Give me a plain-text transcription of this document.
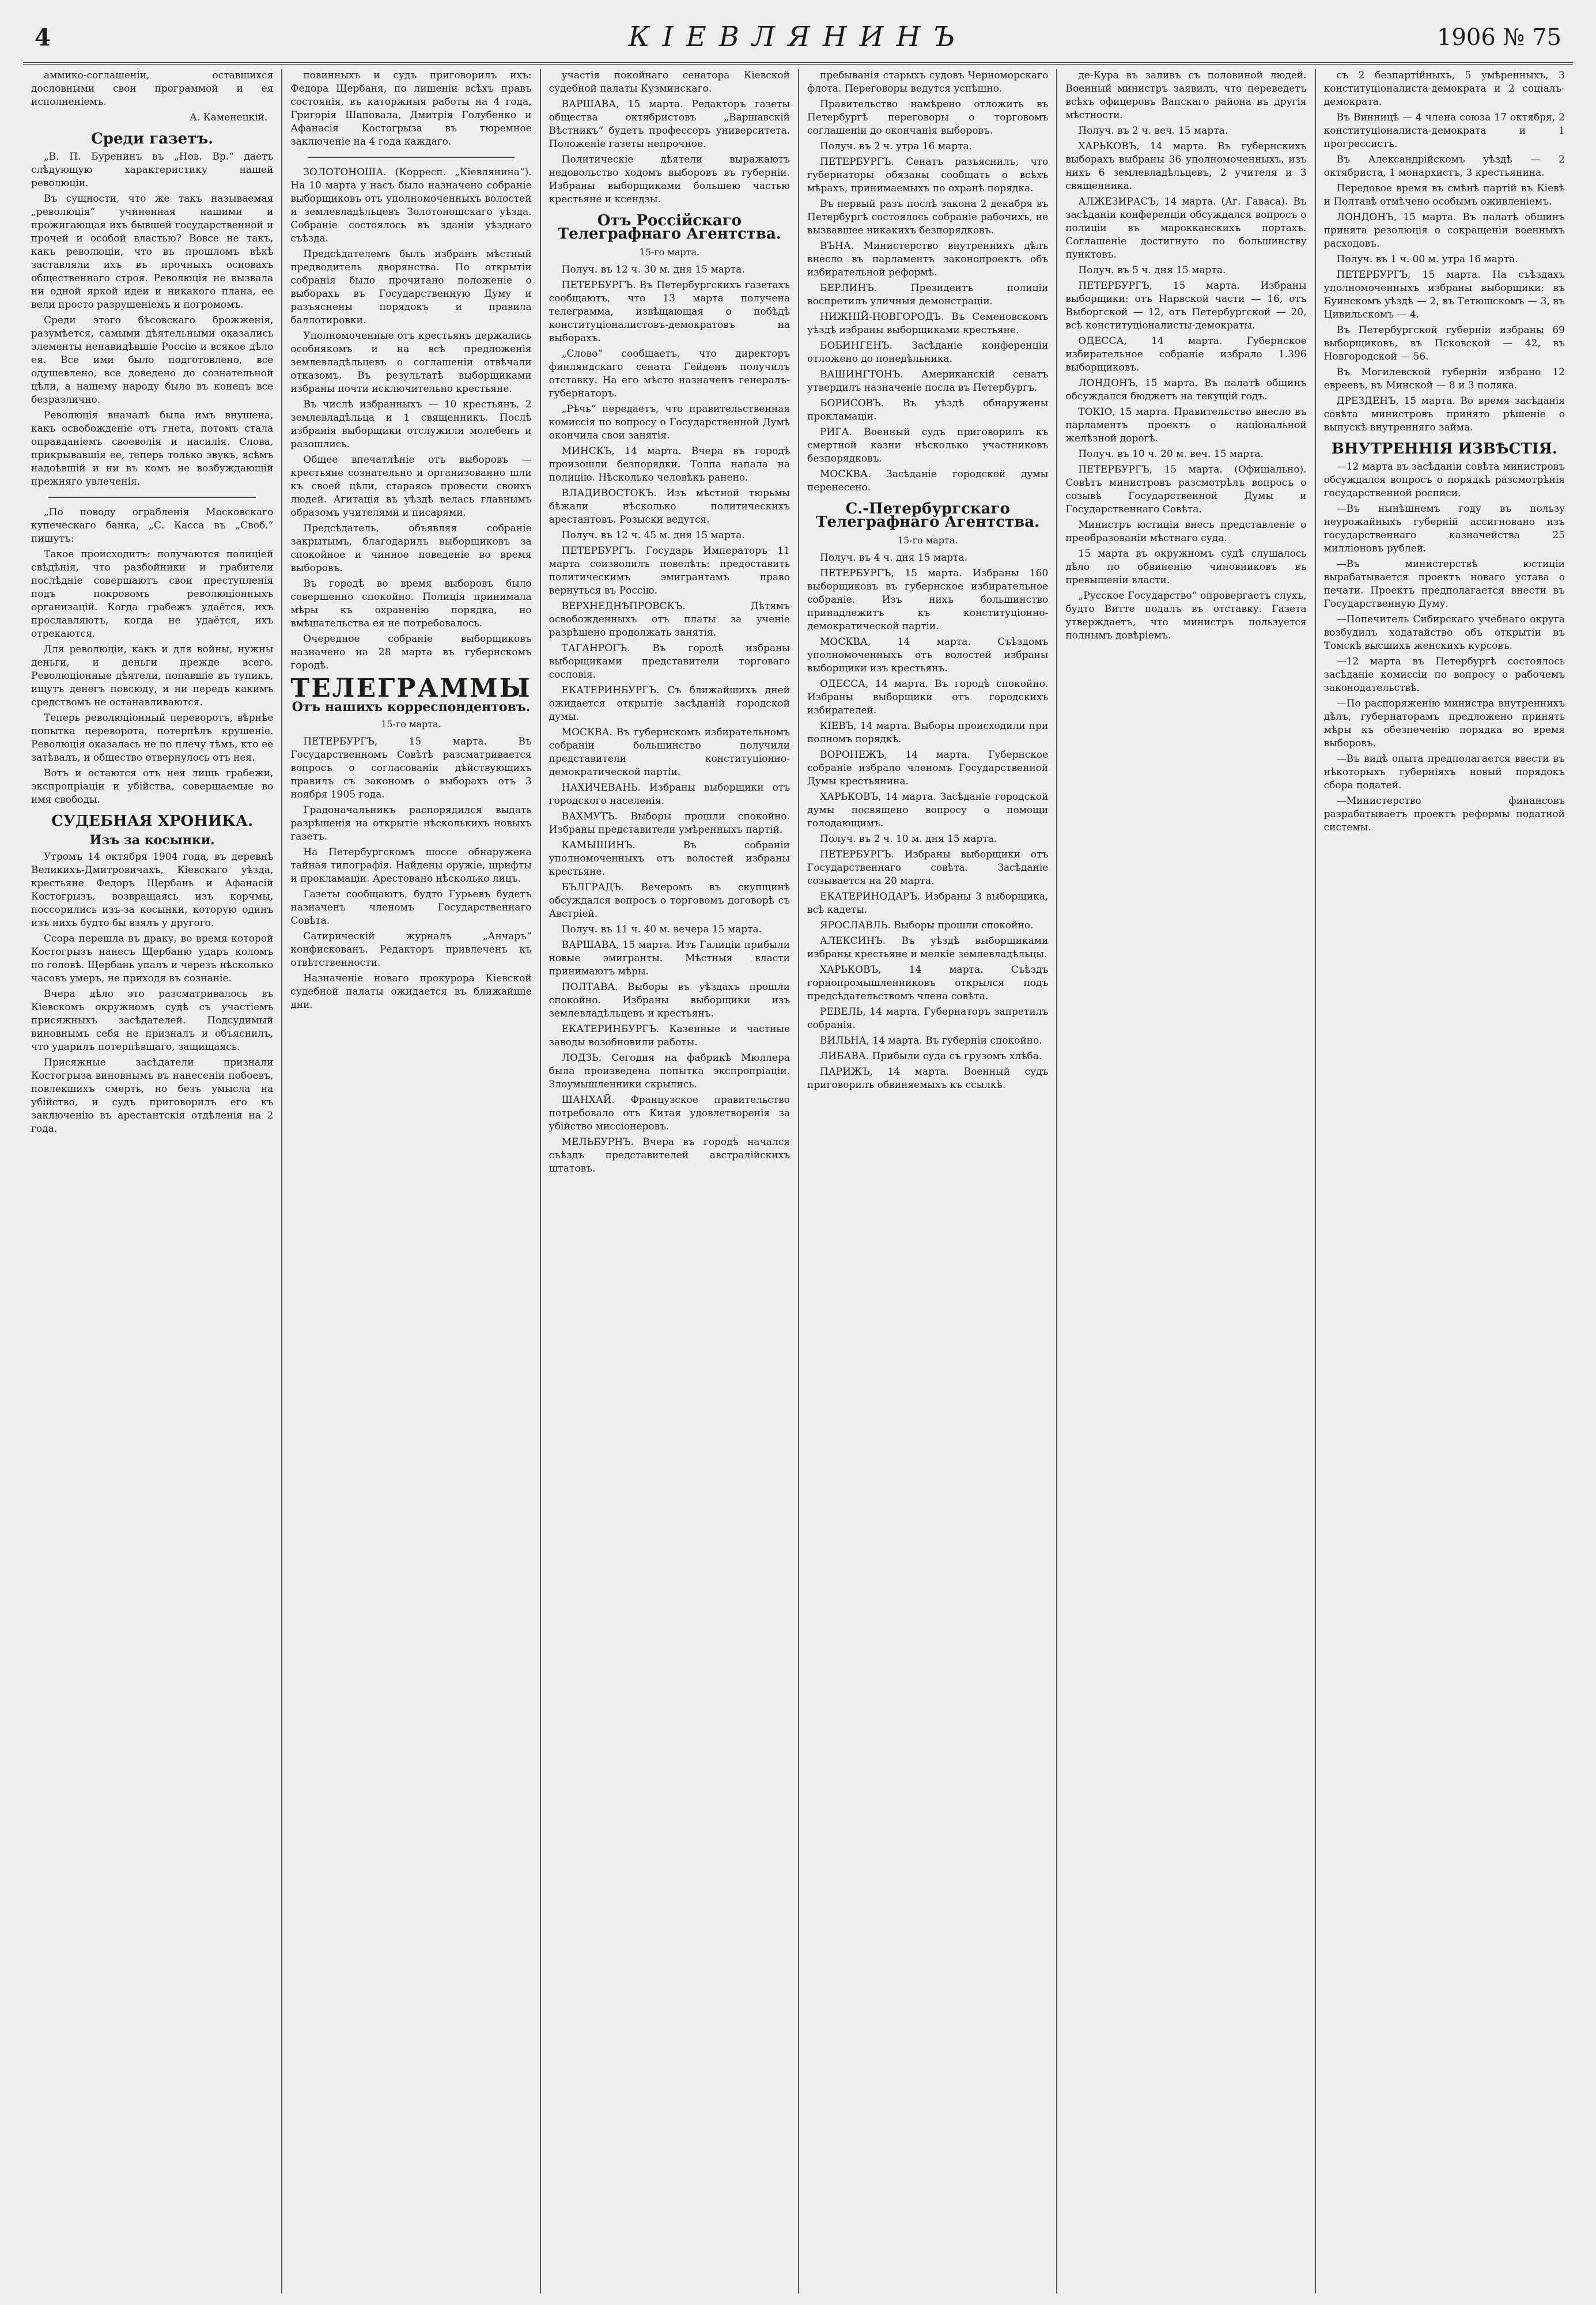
4	КІЕВЛЯНИНЪ	1906 № 75

аммико-соглашеніи, оставшихся дословными свои программой и ея исполненіемъ.

А. Каменецкій.
Среди газетъ.

„В. П. Буренинъ въ „Нов. Вр.“ даетъ слѣдующую характеристику нашей революціи.

Въ сущности, что же такъ называемая „революція“ учиненная нашими и прожигающая ихъ бывшей государственной и прочей и особой властью? Вовсе не такъ, какъ революціи, что въ прошломъ вѣкѣ заставляли ихъ въ прочныхъ основахъ общественнаго строя. Революція не вызвала ни одной яркой идеи и никакого плана, ее вели просто разрушеніемъ и погромомъ.

Среди этого бѣсовскаго брожженія, разумѣется, самыми дѣятельными оказались элементы ненавидѣвшіе Россію и всякое дѣло ея. Все ими было подготовлено, все одушевлено, все доведено до сознательной цѣли, а нашему народу было въ конецъ все безразлично.

Революція вначалѣ была имъ внушена, какъ освобожденіе отъ гнета, потомъ стала оправданіемъ своеволія и насилія. Слова, прикрывавшія ее, теперь только звукъ, всѣмъ надоѣвшій и ни въ комъ не возбуждающій прежняго увлеченія.

„По поводу ограбленія Московскаго купеческаго банка, „С. Касса въ „Своб.“ пишутъ:

Такое происходитъ: получаются полиціей свѣдѣнія, что разбойники и грабители послѣдніе совершаютъ свои преступленія подъ покровомъ революціонныхъ организацій. Когда грабежъ удаётся, ихъ прославляютъ, когда не удаётся, ихъ отрекаются.

Для революціи, какъ и для войны, нужны деньги, и деньги прежде всего. Революціонные дѣятели, попавшіе въ тупикъ, ищутъ денегъ повсюду, и ни передъ какимъ средствомъ не останавливаются.

Теперь революціонный переворотъ, вѣрнѣе попытка переворота, потерпѣлъ крушеніе. Революція оказалась не по плечу тѣмъ, кто ее затѣвалъ, и общество отвернулось отъ нея.

Вотъ и остаются отъ нея лишь грабежи, экспропріаціи и убійства, совершаемые во имя свободы.

СУДЕБНАЯ ХРОНИКА.
Изъ за косынки.

Утромъ 14 октября 1904 года, въ деревнѣ Великихъ-Дмитровичахъ, Кіевскаго уѣзда, крестьяне Федоръ Щербань и Афанасій Костогрызъ, возвращаясь изъ корчмы, поссорились изъ-за косынки, которую одинъ изъ нихъ будто бы взялъ у другого.

Ссора перешла въ драку, во время которой Костогрызъ нанесъ Щербаню ударъ коломъ по головѣ. Щербань упалъ и черезъ нѣсколько часовъ умеръ, не приходя въ сознаніе.

Вчера дѣло это разсматривалось въ Кіевскомъ окружномъ судѣ съ участіемъ присяжныхъ засѣдателей. Подсудимый виновнымъ себя не призналъ и объяснилъ, что ударилъ потерпѣвшаго, защищаясь.

Присяжные засѣдатели признали Костогрыза виновнымъ въ нанесеніи побоевъ, повлекшихъ смерть, но безъ умысла на убійство, и судъ приговорилъ его къ заключенію въ арестантскія отдѣленія на 2 года.

повинныхъ и судъ приговорилъ ихъ: Федора Щербаня, по лишеніи всѣхъ правъ состоянія, въ каторжныя работы на 4 года, Григорія Шаповала, Дмитрія Голубенко и Афанасія Костогрыза въ тюремное заключеніе на 4 года каждаго.

ЗОЛОТОНОША. (Корресп. „Кіевлянина“). На 10 марта у насъ было назначено собраніе выборщиковъ отъ уполномоченныхъ волостей и землевладѣльцевъ Золотоношскаго уѣзда. Собраніе состоялось въ зданіи уѣзднаго съѣзда.

Предсѣдателемъ былъ избранъ мѣстный предводитель дворянства. По открытіи собранія было прочитано положеніе о выборахъ въ Государственную Думу и разъяснены порядокъ и правила баллотировки.

Уполномоченные отъ крестьянъ держались особнякомъ и на всѣ предложенія землевладѣльцевъ о соглашеніи отвѣчали отказомъ. Въ результатѣ выборщиками избраны почти исключительно крестьяне.

Въ числѣ избранныхъ — 10 крестьянъ, 2 землевладѣльца и 1 священникъ. Послѣ избранія выборщики отслужили молебенъ и разошлись.

Общее впечатлѣніе отъ выборовъ — крестьяне сознательно и организованно шли къ своей цѣли, стараясь провести своихъ людей. Агитація въ уѣздѣ велась главнымъ образомъ учителями и писарями.

Предсѣдатель, объявляя собраніе закрытымъ, благодарилъ выборщиковъ за спокойное и чинное поведеніе во время выборовъ.

Въ городѣ во время выборовъ было совершенно спокойно. Полиція принимала мѣры къ охраненію порядка, но вмѣшательства ея не потребовалось.

Очередное собраніе выборщиковъ назначено на 28 марта въ губернскомъ городѣ.

ТЕЛЕГРАММЫ
Отъ нашихъ корреспондентовъ.
15-го марта.

ПЕТЕРБУРГЪ, 15 марта. Въ Государственномъ Совѣтѣ разсматривается вопросъ о согласованіи дѣйствующихъ правилъ съ закономъ о выборахъ отъ 3 ноября 1905 года.

Градоначальникъ распорядился выдать разрѣшенія на открытіе нѣсколькихъ новыхъ газетъ.

На Петербургскомъ шоссе обнаружена тайная типографія. Найдены оружіе, шрифты и прокламаціи. Арестовано нѣсколько лицъ.

Газеты сообщаютъ, будто Гурьевъ будетъ назначенъ членомъ Государственнаго Совѣта.

Сатирическій журналъ „Анчаръ“ конфискованъ. Редакторъ привлеченъ къ отвѣтственности.

Назначеніе новаго прокурора Кіевской судебной палаты ожидается въ ближайшіе дни.

участія покойнаго сенатора Кіевской судебной палаты Кузминскаго.

ВАРШАВА, 15 марта. Редакторъ газеты общества октябристовъ „Варшавскій Вѣстникъ“ будетъ профессоръ университета. Положеніе газеты непрочное.

Политическіе дѣятели выражаютъ недовольство ходомъ выборовъ въ губерніи. Избраны выборщиками большею частью крестьяне и ксендзы.

Отъ Россійскаго Телеграфнаго Агентства.
15-го марта.

Получ. въ 12 ч. 30 м. дня 15 марта.

ПЕТЕРБУРГЪ. Въ Петербургскихъ газетахъ сообщаютъ, что 13 марта получена телеграмма, извѣщающая о побѣдѣ конституціоналистовъ-демократовъ на выборахъ.

„Слово“ сообщаетъ, что директоръ финляндскаго сената Гейденъ получилъ отставку. На его мѣсто назначенъ генералъ-губернаторъ.

„Рѣчь“ передаетъ, что правительственная комиссія по вопросу о Государственной Думѣ окончила свои занятія.

МИНСКЪ, 14 марта. Вчера въ городѣ произошли безпорядки. Толпа напала на полицію. Нѣсколько человѣкъ ранено.

ВЛАДИВОСТОКЪ. Изъ мѣстной тюрьмы бѣжали нѣсколько политическихъ арестантовъ. Розыски ведутся.

Получ. въ 12 ч. 45 м. дня 15 марта.

ПЕТЕРБУРГЪ. Государь Императоръ 11 марта соизволилъ повелѣть: предоставить политическимъ эмигрантамъ право вернуться въ Россію.

ВЕРХНЕДНѢПРОВСКЪ. Дѣтямъ освобожденныхъ отъ платы за ученіе разрѣшено продолжать занятія.

ТАГАНРОГЪ. Въ городѣ избраны выборщиками представители торговаго сословія.

ЕКАТЕРИНБУРГЪ. Съ ближайшихъ дней ожидается открытіе засѣданій городской думы.

МОСКВА. Въ губернскомъ избирательномъ собраніи большинство получили представители конституціонно-демократической партіи.

НАХИЧЕВАНЬ. Избраны выборщики отъ городского населенія.

ВАХМУТЪ. Выборы прошли спокойно. Избраны представители умѣренныхъ партій.

КАМЫШИНЪ. Въ собраніи уполномоченныхъ отъ волостей избраны крестьяне.

БЪЛГРАДЪ. Вечеромъ въ скупщинѣ обсуждался вопросъ о торговомъ договорѣ съ Австріей.

Получ. въ 11 ч. 40 м. вечера 15 марта.

ВАРШАВА, 15 марта. Изъ Галиціи прибыли новые эмигранты. Мѣстныя власти принимаютъ мѣры.

ПОЛТАВА. Выборы въ уѣздахъ прошли спокойно. Избраны выборщики изъ землевладѣльцевъ и крестьянъ.

ЕКАТЕРИНБУРГЪ. Казенные и частные заводы возобновили работы.

ЛОДЗЬ. Сегодня на фабрикѣ Мюллера была произведена попытка экспропріаціи. Злоумышленники скрылись.

ШАНХАЙ. Французское правительство потребовало отъ Китая удовлетворенія за убійство миссіонеровъ.

МЕЛЬБУРНЪ. Вчера въ городѣ начался съѣздъ представителей австралійскихъ штатовъ.

пребыванія старыхъ судовъ Черноморскаго флота. Переговоры ведутся успѣшно.

Правительство намѣрено отложить въ Петербургѣ переговоры о торговомъ соглашеніи до окончанія выборовъ.

Получ. въ 2 ч. утра 16 марта.

ПЕТЕРБУРГЪ. Сенатъ разъяснилъ, что губернаторы обязаны сообщать о всѣхъ мѣрахъ, принимаемыхъ по охранѣ порядка.

Въ первый разъ послѣ закона 2 декабря въ Петербургѣ состоялось собраніе рабочихъ, не вызвавшее никакихъ безпорядковъ.

ВЪНА. Министерство внутреннихъ дѣлъ внесло въ парламентъ законопроектъ объ избирательной реформѣ.

БЕРЛИНЪ. Президентъ полиціи воспретилъ уличныя демонстраціи.

НИЖНІЙ-НОВГОРОДЪ. Въ Семеновскомъ уѣздѣ избраны выборщиками крестьяне.

БОБИНГЕНЪ. Засѣданіе конференціи отложено до понедѣльника.

ВАШИНГТОНЪ. Американскій сенатъ утвердилъ назначеніе посла въ Петербургъ.

БОРИСОВЪ. Въ уѣздѣ обнаружены прокламаціи.

РИГА. Военный судъ приговорилъ къ смертной казни нѣсколько участниковъ безпорядковъ.

МОСКВА. Засѣданіе городской думы перенесено.

С.-Петербургскаго Телеграфнаго Агентства.
15-го марта.

Получ. въ 4 ч. дня 15 марта.

ПЕТЕРБУРГЪ, 15 марта. Избраны 160 выборщиковъ въ губернское избирательное собраніе. Изъ нихъ большинство принадлежитъ къ конституціонно-демократической партіи.

МОСКВА, 14 марта. Съѣздомъ уполномоченныхъ отъ волостей избраны выборщики изъ крестьянъ.

ОДЕССА, 14 марта. Въ городѣ спокойно. Избраны выборщики отъ городскихъ избирателей.

КІЕВЪ, 14 марта. Выборы происходили при полномъ порядкѣ.

ВОРОНЕЖЪ, 14 марта. Губернское собраніе избрало членомъ Государственной Думы крестьянина.

ХАРЬКОВЪ, 14 марта. Засѣданіе городской думы посвящено вопросу о помощи голодающимъ.

Получ. въ 2 ч. 10 м. дня 15 марта.

ПЕТЕРБУРГЪ. Избраны выборщики отъ Государственнаго совѣта. Засѣданіе созывается на 20 марта.

ЕКАТЕРИНОДАРЪ. Избраны 3 выборщика, всѣ кадеты.

ЯРОСЛАВЛЬ. Выборы прошли спокойно.

АЛЕКСИНЪ. Въ уѣздѣ выборщиками избраны крестьяне и мелкіе землевладѣльцы.

ХАРЬКОВЪ, 14 марта. Съѣздъ горнопромышленниковъ открылся подъ предсѣдательствомъ члена совѣта.

РЕВЕЛЬ, 14 марта. Губернаторъ запретилъ собранія.

ВИЛЬНА, 14 марта. Въ губерніи спокойно.

ЛИБАВА. Прибыли суда съ грузомъ хлѣба.

ПАРИЖЪ, 14 марта. Военный судъ приговорилъ обвиняемыхъ къ ссылкѣ.

де-Кура въ заливъ съ половиной людей. Военный министръ заявилъ, что переведетъ всѣхъ офицеровъ Вапскаго района въ другія мѣстности.

Получ. въ 2 ч. веч. 15 марта.

ХАРЬКОВЪ, 14 марта. Въ губернскихъ выборахъ выбраны 36 уполномоченныхъ, изъ нихъ 6 землевладѣльцевъ, 2 учителя и 3 священника.

АЛЖЕЗИРАСЪ, 14 марта. (Аг. Гаваса). Въ засѣданіи конференціи обсуждался вопросъ о полиціи въ марокканскихъ портахъ. Соглашеніе достигнуто по большинству пунктовъ.

Получ. въ 5 ч. дня 15 марта.

ПЕТЕРБУРГЪ, 15 марта. Избраны выборщики: отъ Нарвской части — 16, отъ Выборгской — 12, отъ Петербургской — 20, всѣ конституціоналисты-демократы.

ОДЕССА, 14 марта. Губернское избирательное собраніе избрало 1.396 выборщиковъ.

ЛОНДОНЪ, 15 марта. Въ палатѣ общинъ обсуждался бюджетъ на текущій годъ.

ТОКІО, 15 марта. Правительство внесло въ парламентъ проектъ о національной желѣзной дорогѣ.

Получ. въ 10 ч. 20 м. веч. 15 марта.

ПЕТЕРБУРГЪ, 15 марта. (Офиціально). Совѣтъ министровъ разсмотрѣлъ вопросъ о созывѣ Государственной Думы и Государственнаго Совѣта.

Министръ юстиціи внесъ представленіе о преобразованіи мѣстнаго суда.

15 марта въ окружномъ судѣ слушалось дѣло по обвиненію чиновниковъ въ превышеніи власти.

„Русское Государство“ опровергаетъ слухъ, будто Витте подалъ въ отставку. Газета утверждаетъ, что министръ пользуется полнымъ довѣріемъ.

съ 2 безпартійныхъ, 5 умѣренныхъ, 3 конституціоналиста-демократа и 2 соціалъ-демократа.

Въ Винницѣ — 4 члена союза 17 октября, 2 конституціоналиста-демократа и 1 прогрессистъ.

Въ Александрійскомъ уѣздѣ — 2 октябриста, 1 монархистъ, 3 крестьянина.

Передовое время въ смѣнѣ партій въ Кіевѣ и Полтавѣ отмѣчено особымъ оживленіемъ.

ЛОНДОНЪ, 15 марта. Въ палатѣ общинъ принята резолюція о сокращеніи военныхъ расходовъ.

Получ. въ 1 ч. 00 м. утра 16 марта.

ПЕТЕРБУРГЪ, 15 марта. На съѣздахъ уполномоченныхъ избраны выборщики: въ Буинскомъ уѣздѣ — 2, въ Тетюшскомъ — 3, въ Цивильскомъ — 4.

Въ Петербургской губерніи избраны 69 выборщиковъ, въ Псковской — 42, въ Новгородской — 56.

Въ Могилевской губерніи избрано 12 евреевъ, въ Минской — 8 и 3 поляка.

ДРЕЗДЕНЪ, 15 марта. Во время засѣданія совѣта министровъ принято рѣшеніе о выпускѣ внутренняго займа.

ВНУТРЕННІЯ ИЗВѢСТІЯ.

—12 марта въ засѣданіи совѣта министровъ обсуждался вопросъ о порядкѣ разсмотрѣнія государственной росписи.

—Въ нынѣшнемъ году въ пользу неурожайныхъ губерній ассигновано изъ государственнаго казначейства 25 милліоновъ рублей.

—Въ министерствѣ юстиціи вырабатывается проектъ новаго устава о печати. Проектъ предполагается внести въ Государственную Думу.

—Попечитель Сибирскаго учебнаго округа возбудилъ ходатайство объ открытіи въ Томскѣ высшихъ женскихъ курсовъ.

—12 марта въ Петербургѣ состоялось засѣданіе комиссіи по вопросу о рабочемъ законодательствѣ.

—По распоряженію министра внутреннихъ дѣлъ, губернаторамъ предложено принять мѣры къ обезпеченію порядка во время выборовъ.

—Въ видѣ опыта предполагается ввести въ нѣкоторыхъ губерніяхъ новый порядокъ сбора податей.

—Министерство финансовъ разрабатываетъ проектъ реформы податной системы.
